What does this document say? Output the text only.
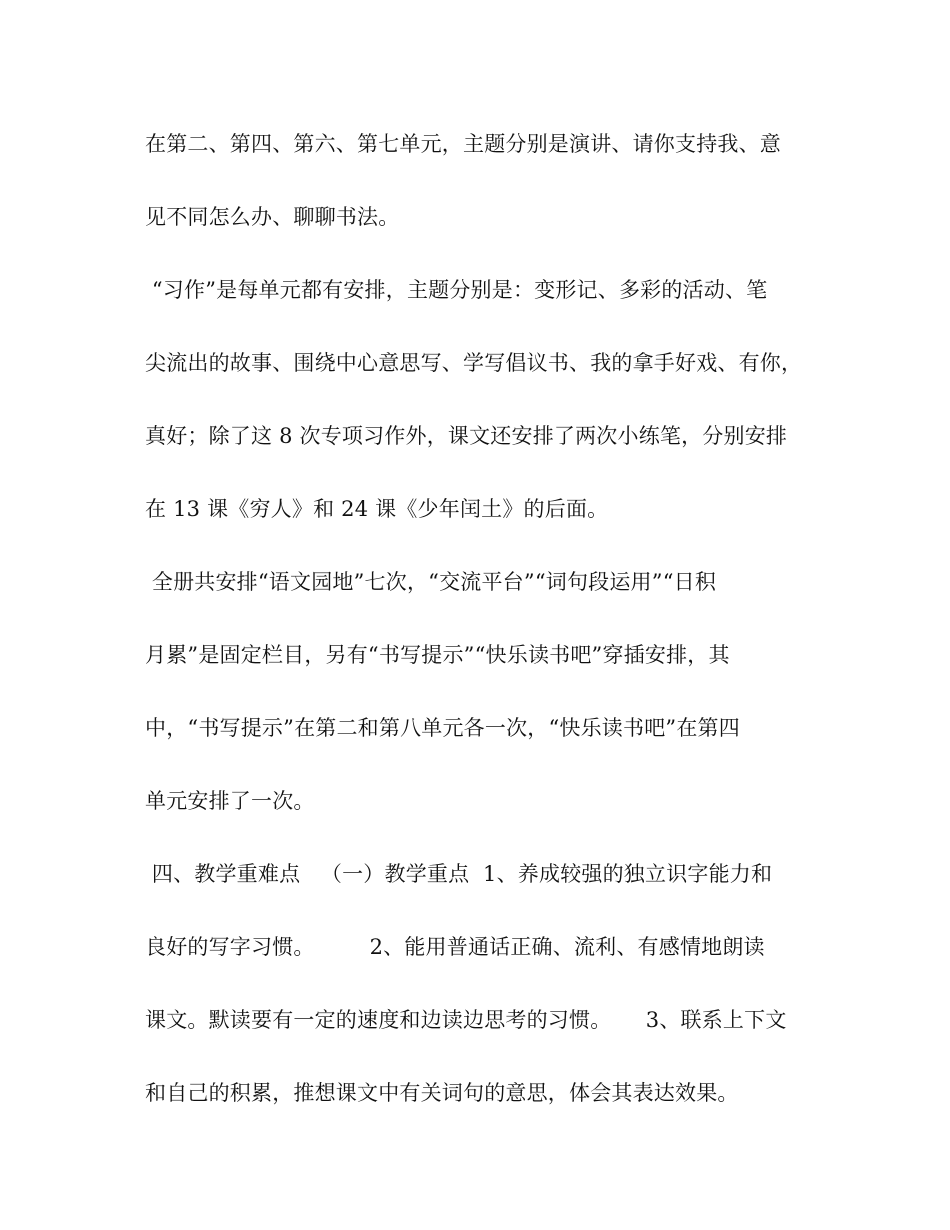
在第二、第四、第六、第七单元，主题分别是演讲、请你支持我、意
见不同怎么办、聊聊书法。
“习作”是每单元都有安排，主题分别是：变形记、多彩的活动、笔
尖流出的故事、围绕中心意思写、学写倡议书、我的拿手好戏、有你，
真好；除了这 8 次专项习作外，课文还安排了两次小练笔，分别安排
在 13 课《穷人》和 24 课《少年闰土》的后面。
全册共安排“语文园地”七次，“交流平台”“词句段运用”“日积
月累”是固定栏目，另有“书写提示”“快乐读书吧”穿插安排，其
中，“书写提示”在第二和第八单元各一次，“快乐读书吧”在第四
单元安排了一次。
四、教学重难点   （一）教学重点  1、养成较强的独立识字能力和
良好的写字习惯。        2、能用普通话正确、流利、有感情地朗读
课文。默读要有一定的速度和边读边思考的习惯。     3、联系上下文
和自己的积累，推想课文中有关词句的意思，体会其表达效果。
